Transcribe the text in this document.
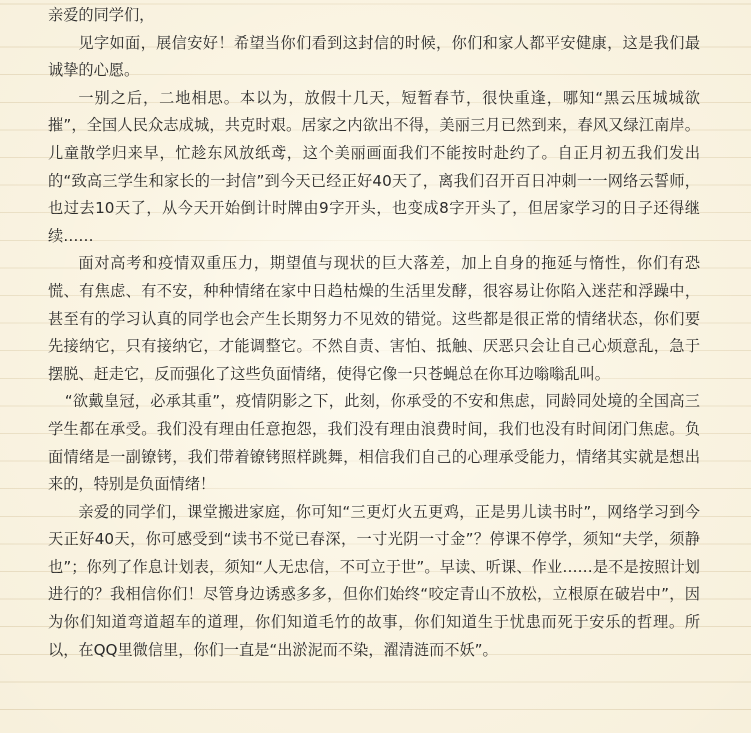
亲爱的同学们，

见字如面，展信安好！希望当你们看到这封信的时候，你们和家人都平安健康，这是我们最诚挚的心愿。

一别之后，二地相思。本以为，放假十几天，短暂春节，很快重逢，哪知“黑云压城城欲摧”，全国人民众志成城，共克时艰。居家之内欲出不得，美丽三月已然到来，春风又绿江南岸。儿童散学归来早，忙趁东风放纸鸢，这个美丽画面我们不能按时赴约了。自正月初五我们发出的“致高三学生和家长的一封信”到今天已经正好40天了，离我们召开百日冲刺一一网络云誓师，也过去10天了，从今天开始倒计时牌由9字开头，也变成8字开头了，但居家学习的日子还得继续……

面对高考和疫情双重压力，期望值与现状的巨大落差，加上自身的拖延与惰性，你们有恐慌、有焦虑、有不安，种种情绪在家中日趋枯燥的生活里发酵，很容易让你陷入迷茫和浮躁中，甚至有的学习认真的同学也会产生长期努力不见效的错觉。这些都是很正常的情绪状态，你们要先接纳它，只有接纳它，才能调整它。不然自责、害怕、抵触、厌恶只会让自己心烦意乱，急于摆脱、赶走它，反而强化了这些负面情绪，使得它像一只苍蝇总在你耳边嗡嗡乱叫。

“欲戴皇冠，必承其重”，疫情阴影之下，此刻，你承受的不安和焦虑，同龄同处境的全国高三学生都在承受。我们没有理由任意抱怨，我们没有理由浪费时间，我们也没有时间闭门焦虑。负面情绪是一副镣铐，我们带着镣铐照样跳舞，相信我们自己的心理承受能力，情绪其实就是想出来的，特别是负面情绪！

亲爱的同学们，课堂搬进家庭，你可知“三更灯火五更鸡，正是男儿读书时”，网络学习到今天正好40天，你可感受到“读书不觉已春深，一寸光阴一寸金”？停课不停学，须知“夫学，须静也”；你列了作息计划表，须知“人无忠信，不可立于世”。早读、听课、作业……是不是按照计划进行的？我相信你们！尽管身边诱惑多多，但你们始终“咬定青山不放松，立根原在破岩中”，因为你们知道弯道超车的道理，你们知道毛竹的故事，你们知道生于忧患而死于安乐的哲理。所以，在QQ里微信里，你们一直是“出淤泥而不染，濯清涟而不妖”。
